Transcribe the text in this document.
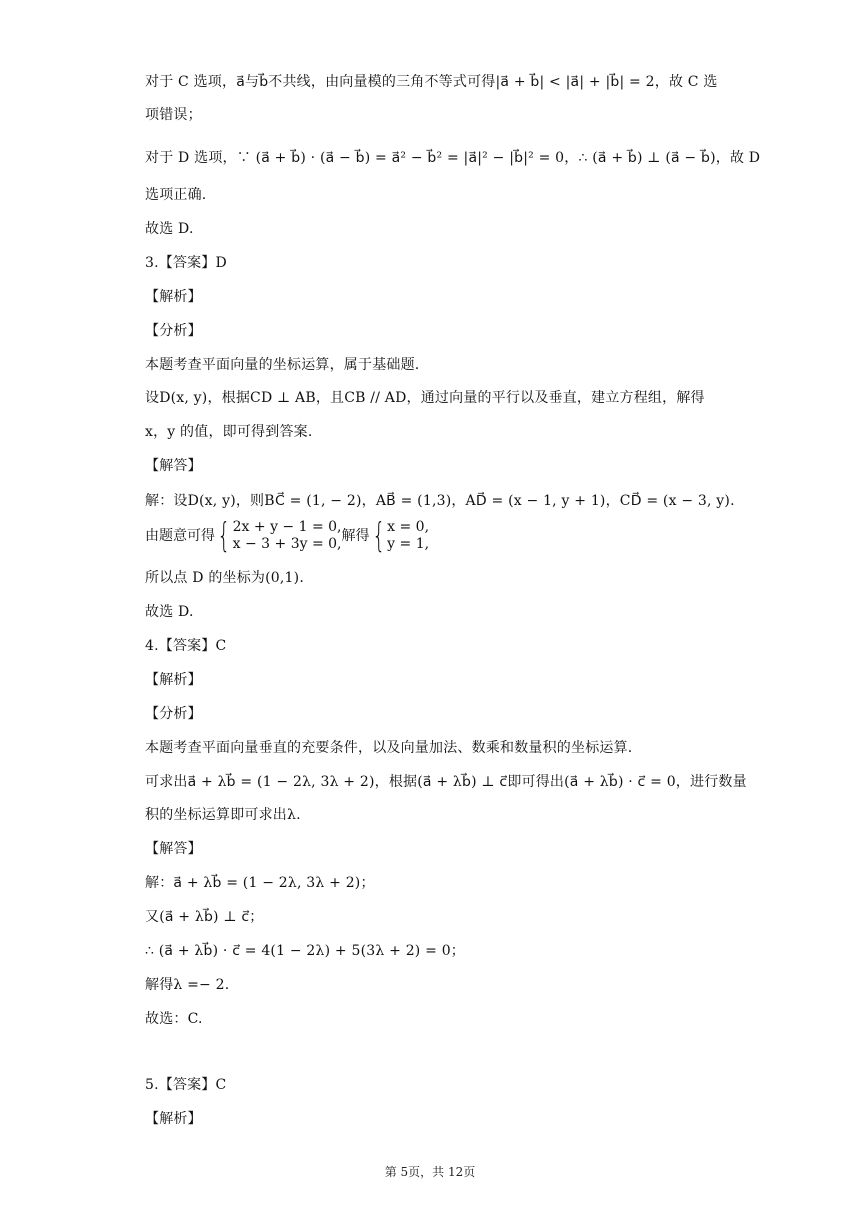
对于 C 选项，a⃗与b⃗不共线，由向量模的三角不等式可得|a⃗ + b⃗| < |a⃗| + |b⃗| = 2，故 C 选
项错误；
对于 D 选项，∵ (a⃗ + b⃗) · (a⃗ − b⃗) = a⃗² − b⃗² = |a⃗|² − |b⃗|² = 0，∴ (a⃗ + b⃗) ⊥ (a⃗ − b⃗)，故 D
选项正确.
故选 D.
3.【答案】D
【解析】
【分析】
本题考查平面向量的坐标运算，属于基础题.
设D(x, y)，根据CD ⊥ AB，且CB // AD，通过向量的平行以及垂直，建立方程组，解得
x，y 的值，即可得到答案.
【解答】
解：设D(x, y)，则BC⃗ = (1, − 2)，AB⃗ = (1,3)，AD⃗ = (x − 1, y + 1)，CD⃗ = (x − 3, y).
由题意可得 { 2x + y − 1 = 0,
x − 3 + 3y = 0, 解得 { x = 0,
y = 1,
所以点 D 的坐标为(0,1).
故选 D.
4.【答案】C
【解析】
【分析】
本题考查平面向量垂直的充要条件，以及向量加法、数乘和数量积的坐标运算.
可求出a⃗ + λb⃗ = (1 − 2λ, 3λ + 2)，根据(a⃗ + λb⃗) ⊥ c⃗即可得出(a⃗ + λb⃗) · c⃗ = 0，进行数量
积的坐标运算即可求出λ.
【解答】
解：a⃗ + λb⃗ = (1 − 2λ, 3λ + 2)；
又(a⃗ + λb⃗) ⊥ c⃗；
∴ (a⃗ + λb⃗) · c⃗ = 4(1 − 2λ) + 5(3λ + 2) = 0；
解得λ =− 2.
故选：C.
5.【答案】C
【解析】
第 5页，共 12页
